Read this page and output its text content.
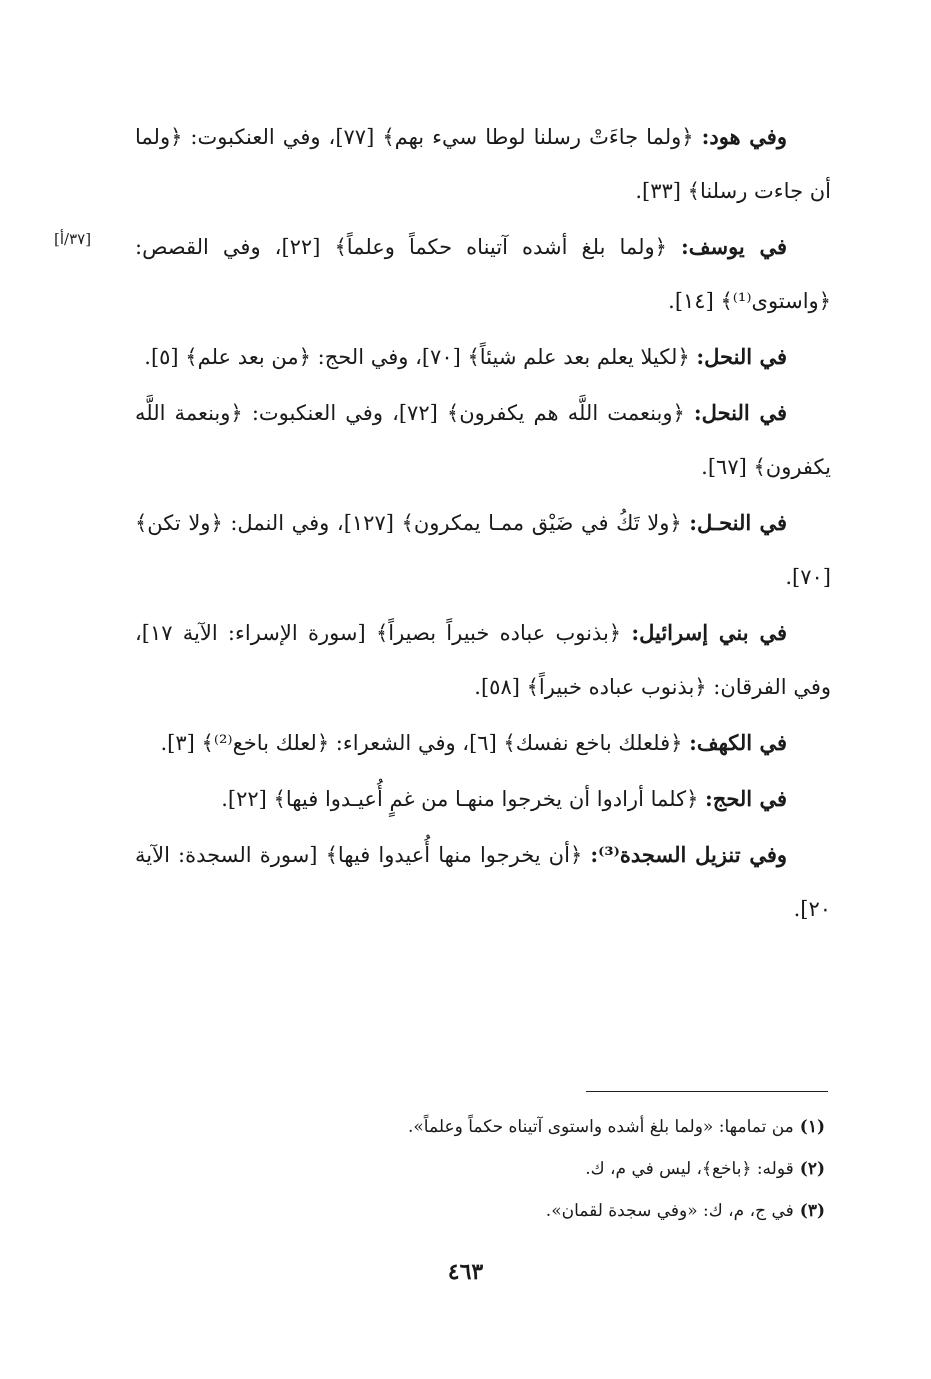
[٣٧/أ]

وفي هود: ﴿ولما جاءَتْ رسلنا لوطا سيء بهم﴾ [٧٧]، وفي العنكبوت: ﴿ولما أن جاءت رسلنا﴾ [٣٣].

في يوسف: ﴿ولما بلغ أشده آتيناه حكماً وعلماً﴾ [٢٢]، وفي القصص: ﴿واستوى⁽¹⁾﴾ [١٤].

في النحل: ﴿لكيلا يعلم بعد علم شيئاً﴾ [٧٠]، وفي الحج: ﴿من بعد علم﴾ [٥].

في النحل: ﴿وبنعمت اللَّه هم يكفرون﴾ [٧٢]، وفي العنكبوت: ﴿وبنعمة اللَّه يكفرون﴾ [٦٧].

في النحـل: ﴿ولا تَكُ في ضَيْق ممـا يمكرون﴾ [١٢٧]، وفي النمل: ﴿ولا تكن﴾ [٧٠].

في بني إسرائيل: ﴿بذنوب عباده خبيراً بصيراً﴾ [سورة الإسراء: الآية ١٧]، وفي الفرقان: ﴿بذنوب عباده خبيراً﴾ [٥٨].

في الكهف: ﴿فلعلك باخع نفسك﴾ [٦]، وفي الشعراء: ﴿لعلك باخع⁽²⁾﴾ [٣].

في الحج: ﴿كلما أرادوا أن يخرجوا منهـا من غمٍ أُعيـدوا فيها﴾ [٢٢].

وفي تنزيل السجدة⁽³⁾: ﴿أن يخرجوا منها أُعيدوا فيها﴾ [سورة السجدة: الآية ٢٠].

(١)من تمامها: «ولما بلغ أشده واستوى آتيناه حكماً وعلماً».

(٢)قوله: ﴿باخع﴾، ليس في م، ك.

(٣)في ج، م، ك: «وفي سجدة لقمان».

٤٦٣
